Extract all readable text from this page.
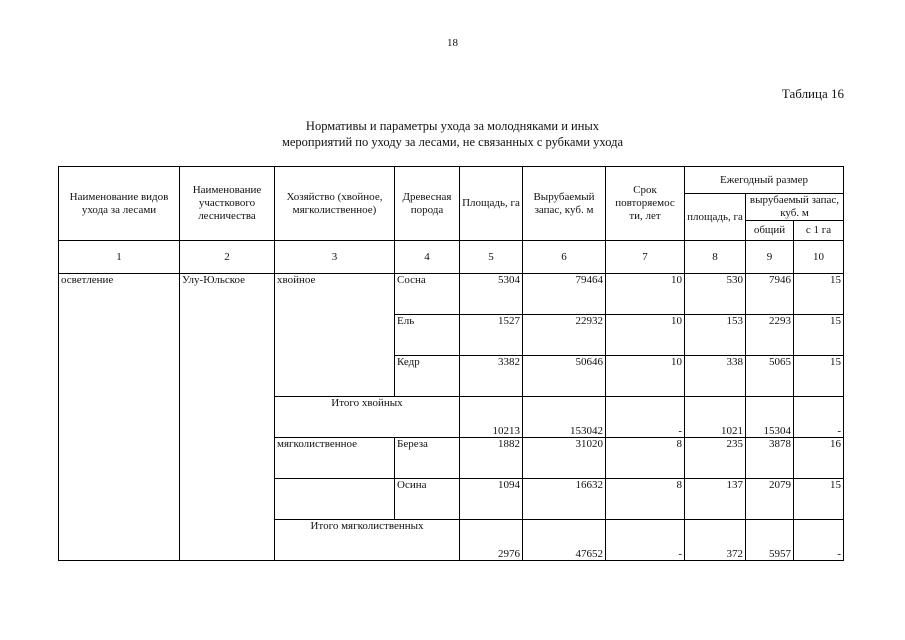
18
Таблица 16
Нормативы и параметры ухода за молодняками и иных
мероприятий по уходу за лесами, не связанных с рубками ухода
Наименование видов ухода за лесами	Наименование участкового лесничества	Хозяйство (хвойное, мягколиственное)	Древесная порода	Площадь, га	Вырубаемый запас, куб. м	Срок повторяемос ти, лет	Ежегодный размер		
							площадь, га	вырубаемый запас, куб. м	
								общий	с 1 га
1	2	3	4	5	6	7	8	9	10
осветление	Улу-Юльское	хвойное	Сосна	5304	79464	10	530	7946	15
			Ель	1527	22932	10	153	2293	15
			Кедр	3382	50646	10	338	5065	15
		Итого хвойных		10213	153042	-	1021	15304	-
		мягколиственное	Береза	1882	31020	8	235	3878	16
			Осина	1094	16632	8	137	2079	15
		Итого мягколиственных		2976	47652	-	372	5957	-
